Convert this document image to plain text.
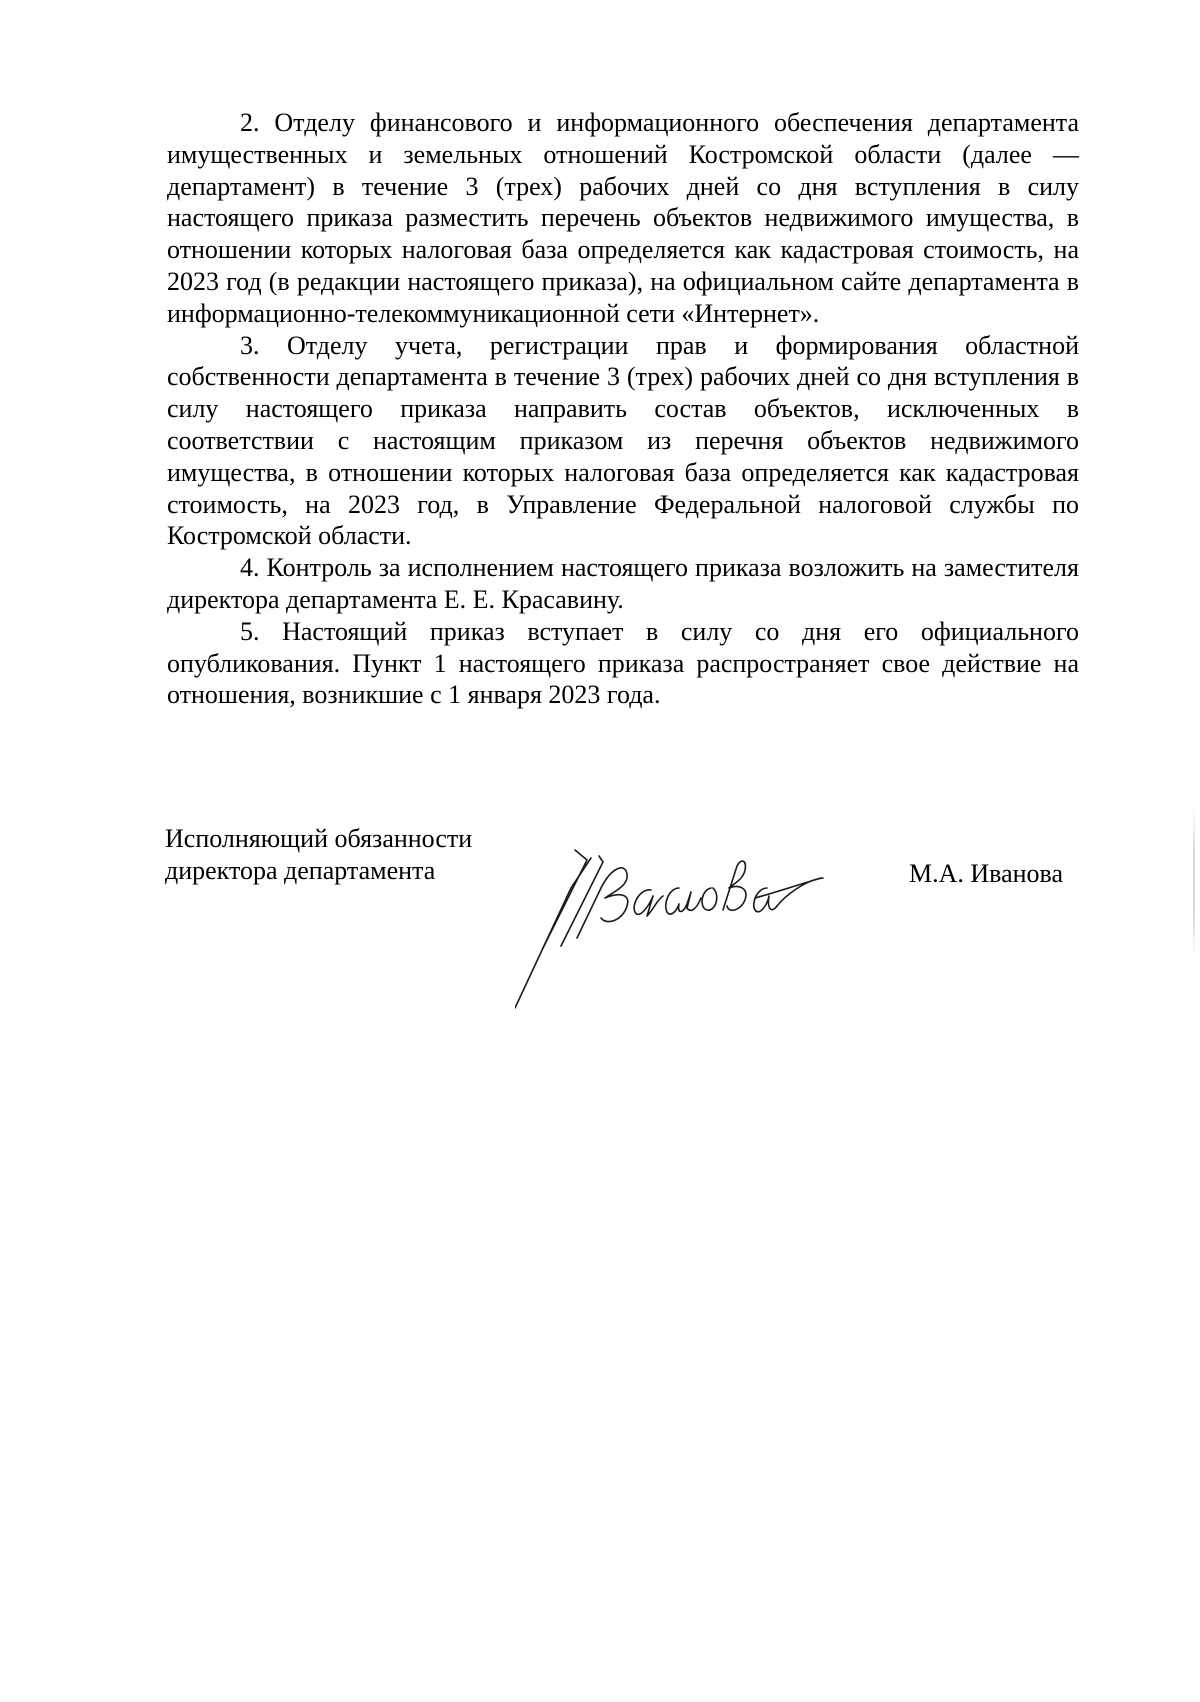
2. Отделу финансового и информационного обеспечения департамента имущественных и земельных отношений Костромской области (далее — департамент) в течение 3 (трех) рабочих дней со дня вступления в силу настоящего приказа разместить перечень объектов недвижимого имущества, в отношении которых налоговая база определяется как кадастровая стоимость, на 2023 год (в редакции настоящего приказа), на официальном сайте департамента в информационно-телекоммуникационной сети «Интернет».

3. Отделу учета, регистрации прав и формирования областной собственности департамента в течение 3 (трех) рабочих дней со дня вступления в силу настоящего приказа направить состав объектов, исключенных в соответствии с настоящим приказом из перечня объектов недвижимого имущества, в отношении которых налоговая база определяется как кадастровая стоимость, на 2023 год, в Управление Федеральной налоговой службы по Костромской области.

4. Контроль за исполнением настоящего приказа возложить на заместителя директора департамента Е. Е. Красавину.

5. Настоящий приказ вступает в силу со дня его официального опубликования. Пункт 1 настоящего приказа распространяет свое действие на отношения, возникшие с 1 января 2023 года.

Исполняющий обязанности
директора департамента	М.А. Иванова
